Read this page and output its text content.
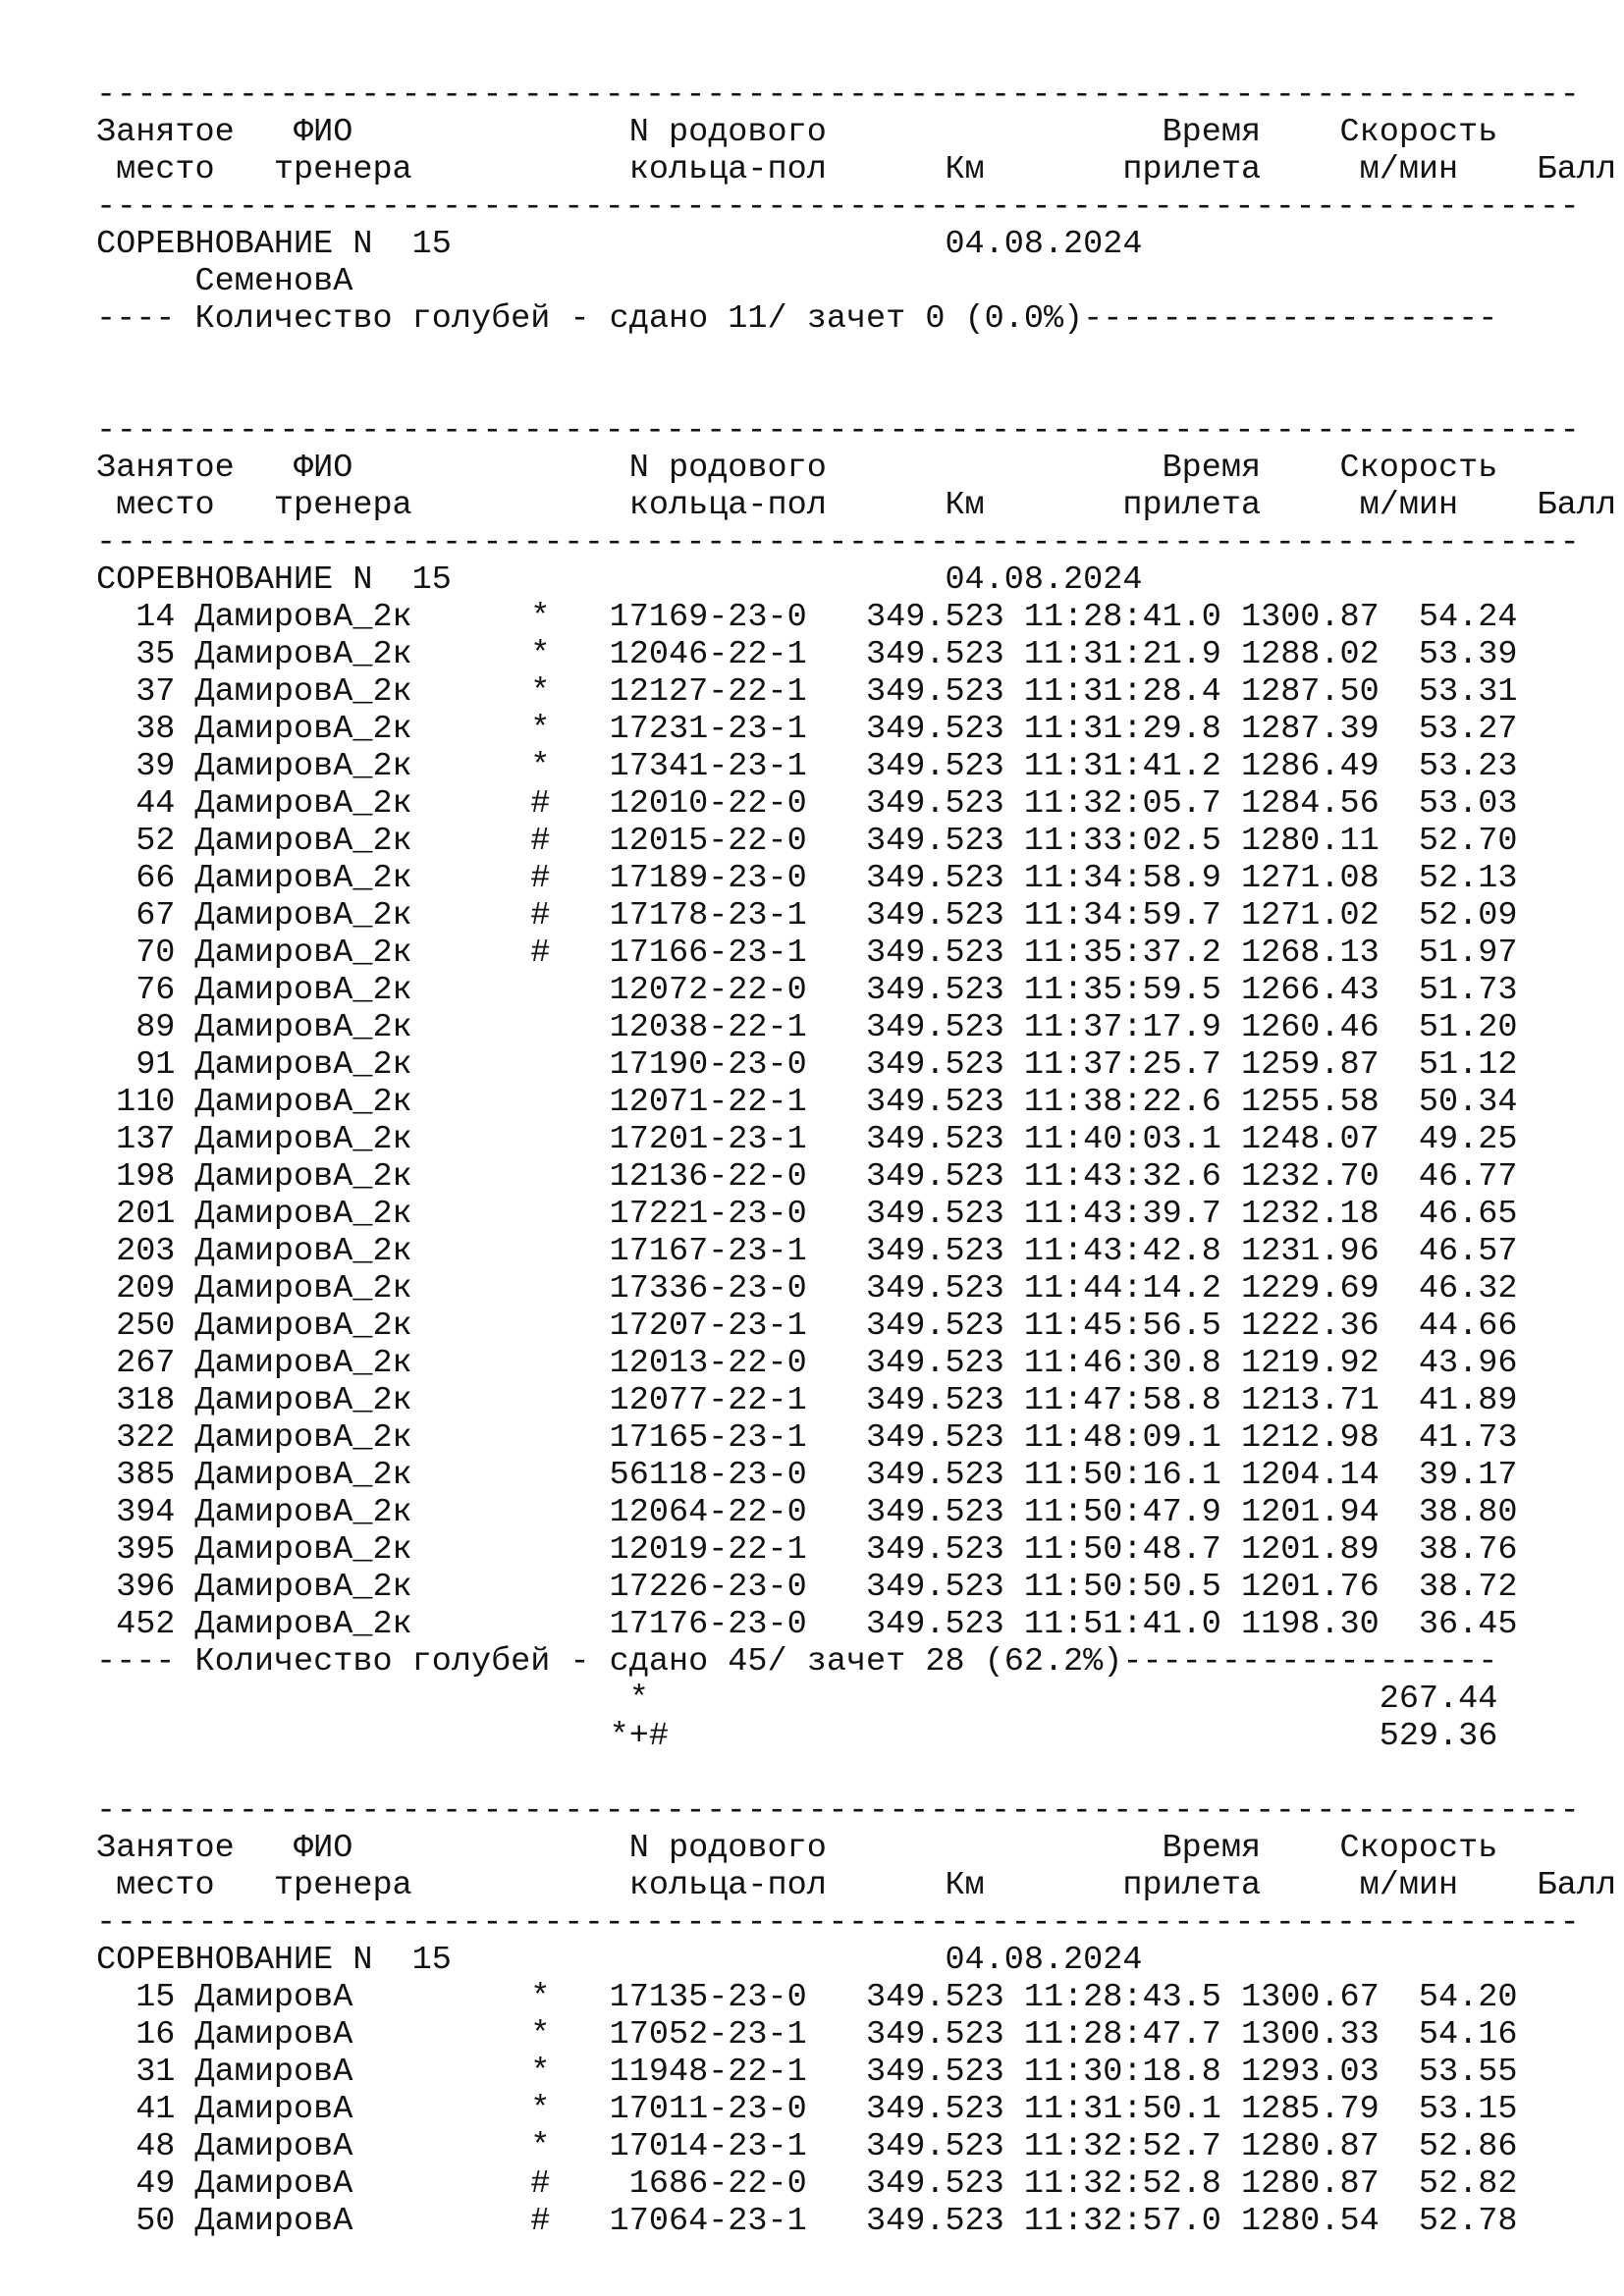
-------------------------------------------------------------------------
Занятое   ФИО              N родового                 Время    Скорость
место   тренера           кольца-пол      Км       прилета     м/мин    Балл
-------------------------------------------------------------------------
СОРЕВНОВАНИЕ N  15                         04.08.2024
СеменовА
---- Количество голубей - сдано 11/ зачет 0 (0.0%)---------------------
-------------------------------------------------------------------------
Занятое   ФИО              N родового                 Время    Скорость
место   тренера           кольца-пол      Км       прилета     м/мин    Балл
-------------------------------------------------------------------------
СОРЕВНОВАНИЕ N  15                         04.08.2024
14 ДамировА_2к      *   17169-23-0   349.523 11:28:41.0 1300.87  54.24
35 ДамировА_2к      *   12046-22-1   349.523 11:31:21.9 1288.02  53.39
37 ДамировА_2к      *   12127-22-1   349.523 11:31:28.4 1287.50  53.31
38 ДамировА_2к      *   17231-23-1   349.523 11:31:29.8 1287.39  53.27
39 ДамировА_2к      *   17341-23-1   349.523 11:31:41.2 1286.49  53.23
44 ДамировА_2к      #   12010-22-0   349.523 11:32:05.7 1284.56  53.03
52 ДамировА_2к      #   12015-22-0   349.523 11:33:02.5 1280.11  52.70
66 ДамировА_2к      #   17189-23-0   349.523 11:34:58.9 1271.08  52.13
67 ДамировА_2к      #   17178-23-1   349.523 11:34:59.7 1271.02  52.09
70 ДамировА_2к      #   17166-23-1   349.523 11:35:37.2 1268.13  51.97
76 ДамировА_2к          12072-22-0   349.523 11:35:59.5 1266.43  51.73
89 ДамировА_2к          12038-22-1   349.523 11:37:17.9 1260.46  51.20
91 ДамировА_2к          17190-23-0   349.523 11:37:25.7 1259.87  51.12
110 ДамировА_2к          12071-22-1   349.523 11:38:22.6 1255.58  50.34
137 ДамировА_2к          17201-23-1   349.523 11:40:03.1 1248.07  49.25
198 ДамировА_2к          12136-22-0   349.523 11:43:32.6 1232.70  46.77
201 ДамировА_2к          17221-23-0   349.523 11:43:39.7 1232.18  46.65
203 ДамировА_2к          17167-23-1   349.523 11:43:42.8 1231.96  46.57
209 ДамировА_2к          17336-23-0   349.523 11:44:14.2 1229.69  46.32
250 ДамировА_2к          17207-23-1   349.523 11:45:56.5 1222.36  44.66
267 ДамировА_2к          12013-22-0   349.523 11:46:30.8 1219.92  43.96
318 ДамировА_2к          12077-22-1   349.523 11:47:58.8 1213.71  41.89
322 ДамировА_2к          17165-23-1   349.523 11:48:09.1 1212.98  41.73
385 ДамировА_2к          56118-23-0   349.523 11:50:16.1 1204.14  39.17
394 ДамировА_2к          12064-22-0   349.523 11:50:47.9 1201.94  38.80
395 ДамировА_2к          12019-22-1   349.523 11:50:48.7 1201.89  38.76
396 ДамировА_2к          17226-23-0   349.523 11:50:50.5 1201.76  38.72
452 ДамировА_2к          17176-23-0   349.523 11:51:41.0 1198.30  36.45
---- Количество голубей - сдано 45/ зачет 28 (62.2%)-------------------
*                                     267.44
*+#                                    529.36
-------------------------------------------------------------------------
Занятое   ФИО              N родового                 Время    Скорость
место   тренера           кольца-пол      Км       прилета     м/мин    Балл
-------------------------------------------------------------------------
СОРЕВНОВАНИЕ N  15                         04.08.2024
15 ДамировА         *   17135-23-0   349.523 11:28:43.5 1300.67  54.20
16 ДамировА         *   17052-23-1   349.523 11:28:47.7 1300.33  54.16
31 ДамировА         *   11948-22-1   349.523 11:30:18.8 1293.03  53.55
41 ДамировА         *   17011-23-0   349.523 11:31:50.1 1285.79  53.15
48 ДамировА         *   17014-23-1   349.523 11:32:52.7 1280.87  52.86
49 ДамировА         #    1686-22-0   349.523 11:32:52.8 1280.87  52.82
50 ДамировА         #   17064-23-1   349.523 11:32:57.0 1280.54  52.78
